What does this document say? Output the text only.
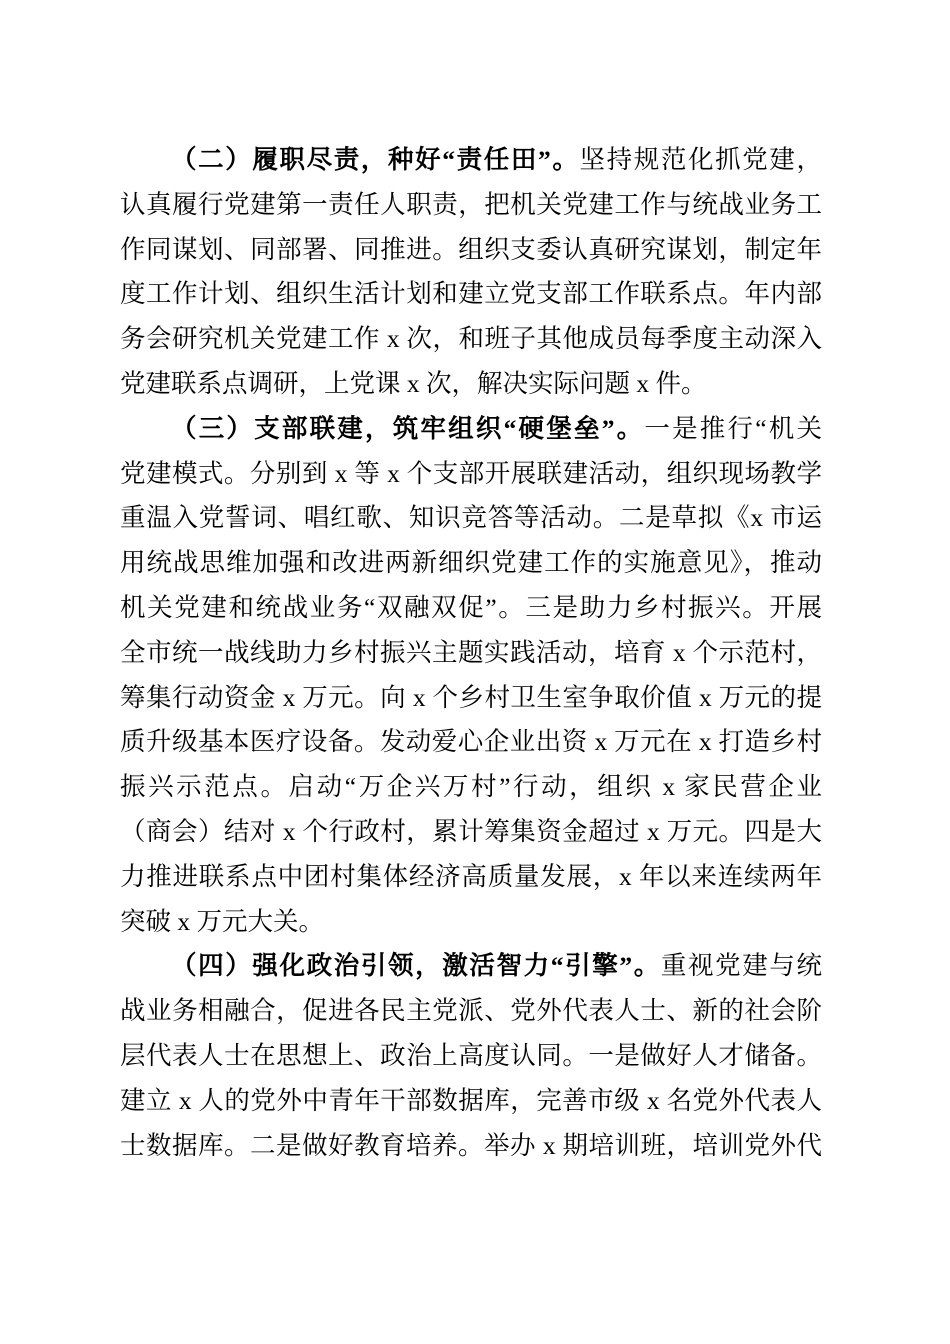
（二）履职尽责，种好“责任田”。坚持规范化抓党建，
认真履行党建第一责任人职责，把机关党建工作与统战业务工
作同谋划、同部署、同推进。组织支委认真研究谋划，制定年
度工作计划、组织生活计划和建立党支部工作联系点。年内部
务会研究机关党建工作 x 次，和班子其他成员每季度主动深入
党建联系点调研，上党课 x 次，解决实际问题 x 件。
（三）支部联建，筑牢组织“硬堡垒”。一是推行“机关
党建模式。分别到 x 等 x 个支部开展联建活动，组织现场教学
重温入党誓词、唱红歌、知识竞答等活动。二是草拟《x 市运
用统战思维加强和改进两新细织党建工作的实施意见》，推动
机关党建和统战业务“双融双促”。三是助力乡村振兴。开展
全市统一战线助力乡村振兴主题实践活动，培育 x 个示范村，
筹集行动资金 x 万元。向 x 个乡村卫生室争取价值 x 万元的提
质升级基本医疗设备。发动爱心企业出资 x 万元在 x 打造乡村
振兴示范点。启动“万企兴万村”行动，组织 x 家民营企业
（商会）结对 x 个行政村，累计筹集资金超过 x 万元。四是大
力推进联系点中团村集体经济高质量发展，x 年以来连续两年
突破 x 万元大关。
（四）强化政治引领，激活智力“引擎”。重视党建与统
战业务相融合，促进各民主党派、党外代表人士、新的社会阶
层代表人士在思想上、政治上高度认同。一是做好人才储备。
建立 x 人的党外中青年干部数据库，完善市级 x 名党外代表人
士数据库。二是做好教育培养。举办 x 期培训班，培训党外代
